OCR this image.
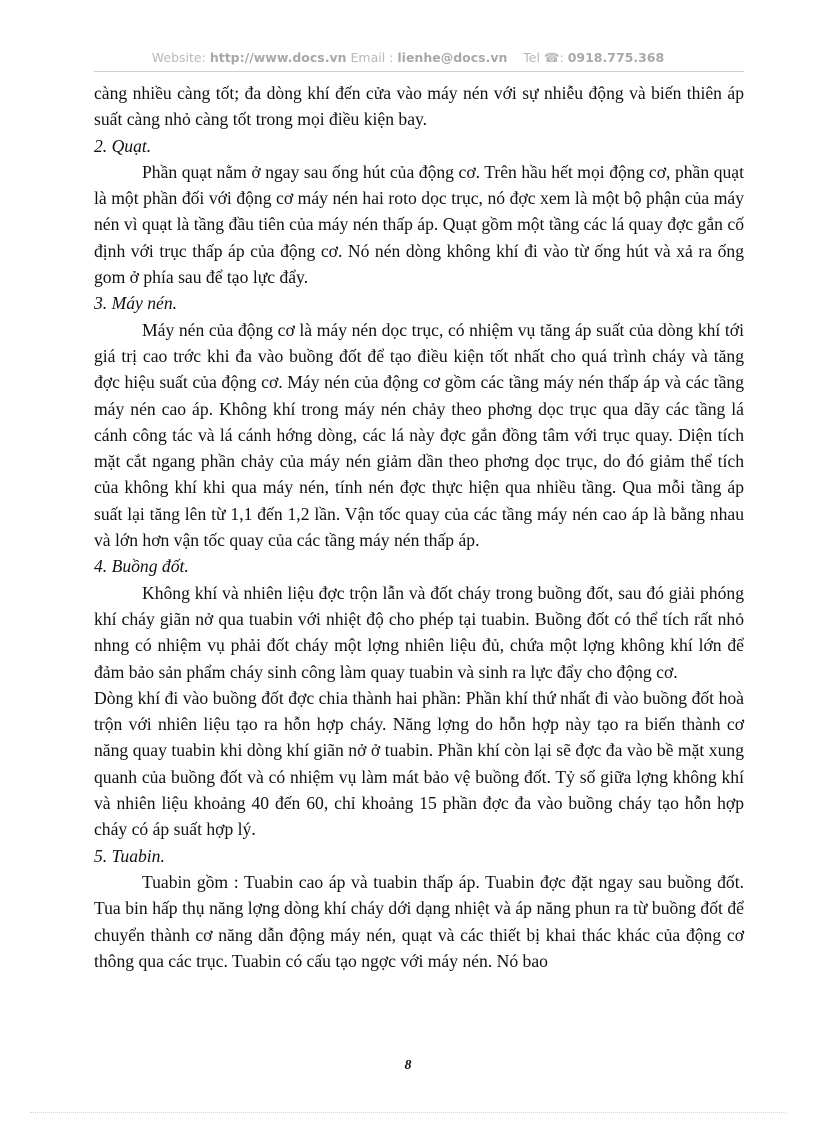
Website: http://www.docs.vn Email : lienhe@docs.vn Tel ☎: 0918.775.368

càng nhiều càng tốt; đa dòng khí đến cửa vào máy nén với sự nhiễu động và biến thiên áp suất càng nhỏ càng tốt trong mọi điều kiện bay.

2. Quạt.

Phần quạt nằm ở ngay sau ống hút của động cơ. Trên hầu hết mọi động cơ, phần quạt là một phần đối với động cơ máy nén hai roto dọc trục, nó đợc xem là một bộ phận của máy nén vì quạt là tầng đầu tiên của máy nén thấp áp. Quạt gồm một tầng các lá quay đợc gắn cố định với trục thấp áp của động cơ. Nó nén dòng không khí đi vào từ ống hút và xả ra ống gom ở phía sau để tạo lực đẩy.

3. Máy nén.

Máy nén của động cơ là máy nén dọc trục, có nhiệm vụ tăng áp suất của dòng khí tới giá trị cao trớc khi đa vào buồng đốt để tạo điều kiện tốt nhất cho quá trình cháy và tăng đợc hiệu suất của động cơ. Máy nén của động cơ gồm các tầng máy nén thấp áp và các tầng máy nén cao áp. Không khí trong máy nén chảy theo phơng dọc trục qua dãy các tầng lá cánh công tác và lá cánh hớng dòng, các lá này đợc gắn đồng tâm với trục quay. Diện tích mặt cắt ngang phần chảy của máy nén giảm dần theo phơng dọc trục, do đó giảm thể tích của không khí khi qua máy nén, tính nén đợc thực hiện qua nhiều tầng. Qua mỗi tầng áp suất lại tăng lên từ 1,1 đến 1,2 lần. Vận tốc quay của các tầng máy nén cao áp là bằng nhau và lớn hơn vận tốc quay của các tầng máy nén thấp áp.

4. Buồng đốt.

Không khí và nhiên liệu đợc trộn lẫn và đốt cháy trong buồng đốt, sau đó giải phóng khí cháy giãn nở qua tuabin với nhiệt độ cho phép tại tuabin. Buồng đốt có thể tích rất nhỏ nhng có nhiệm vụ phải đốt cháy một lợng nhiên liệu đủ, chứa một lợng không khí lớn để đảm bảo sản phẩm cháy sinh công làm quay tuabin và sinh ra lực đẩy cho động cơ.

Dòng khí đi vào buồng đốt đợc chia thành hai phần: Phần khí thứ nhất đi vào buồng đốt hoà trộn với nhiên liệu tạo ra hỗn hợp cháy. Năng lợng do hỗn hợp này tạo ra biến thành cơ năng quay tuabin khi dòng khí giãn nở ở tuabin. Phần khí còn lại sẽ đợc đa vào bề mặt xung quanh của buồng đốt và có nhiệm vụ làm mát bảo vệ buồng đốt. Tỷ số giữa lợng không khí và nhiên liệu khoảng 40 đến 60, chỉ khoảng 15 phần đợc đa vào buồng cháy tạo hỗn hợp cháy có áp suất hợp lý.

5. Tuabin.

Tuabin gồm : Tuabin cao áp và tuabin thấp áp. Tuabin đợc đặt ngay sau buồng đốt. Tua bin hấp thụ năng lợng dòng khí cháy dới dạng nhiệt và áp năng phun ra từ buồng đốt để chuyển thành cơ năng dẫn động máy nén, quạt và các thiết bị khai thác khác của động cơ thông qua các trục. Tuabin có cấu tạo ngợc với máy nén. Nó bao

8
